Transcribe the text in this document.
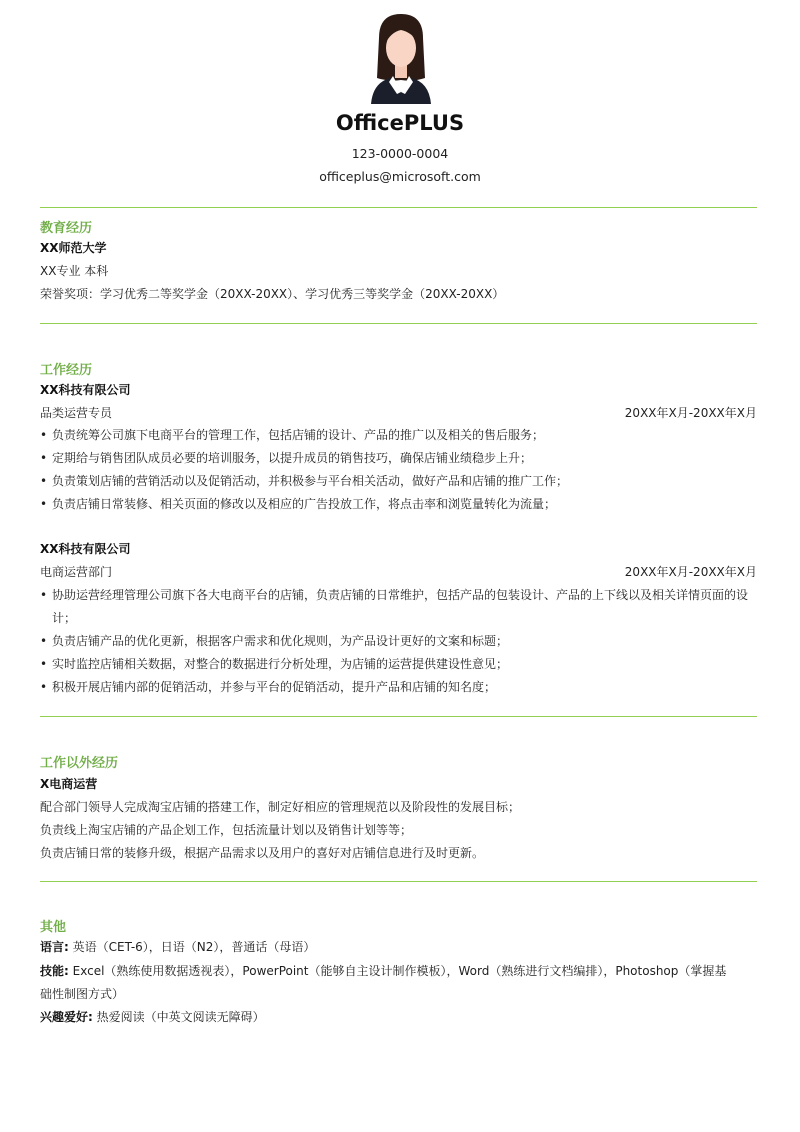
OfficePLUS
123-0000-0004
officeplus@microsoft.com
教育经历
XX师范大学
XX专业 本科
荣誉奖项：学习优秀二等奖学金（20XX-20XX）、学习优秀三等奖学金（20XX-20XX）
工作经历
XX科技有限公司
品类运营专员	20XX年X月-20XX年X月
• 负责统筹公司旗下电商平台的管理工作，包括店铺的设计、产品的推广以及相关的售后服务；
• 定期给与销售团队成员必要的培训服务，以提升成员的销售技巧，确保店铺业绩稳步上升；
• 负责策划店铺的营销活动以及促销活动，并积极参与平台相关活动，做好产品和店铺的推广工作；
• 负责店铺日常装修、相关页面的修改以及相应的广告投放工作，将点击率和浏览量转化为流量；
XX科技有限公司
电商运营部门	20XX年X月-20XX年X月
• 协助运营经理管理公司旗下各大电商平台的店铺，负责店铺的日常维护，包括产品的包装设计、产品的上下线以及相关详情页面的设
计；
• 负责店铺产品的优化更新，根据客户需求和优化规则，为产品设计更好的文案和标题；
• 实时监控店铺相关数据，对整合的数据进行分析处理，为店铺的运营提供建设性意见；
• 积极开展店铺内部的促销活动，并参与平台的促销活动，提升产品和店铺的知名度；
工作以外经历
X电商运营
配合部门领导人完成淘宝店铺的搭建工作，制定好相应的管理规范以及阶段性的发展目标；
负责线上淘宝店铺的产品企划工作，包括流量计划以及销售计划等等；
负责店铺日常的装修升级，根据产品需求以及用户的喜好对店铺信息进行及时更新。
其他
语言: 英语（CET-6），日语（N2），普通话（母语）
技能: Excel（熟练使用数据透视表），PowerPoint（能够自主设计制作模板），Word（熟练进行文档编排），Photoshop（掌握基
础性制图方式）
兴趣爱好: 热爱阅读（中英文阅读无障碍）
